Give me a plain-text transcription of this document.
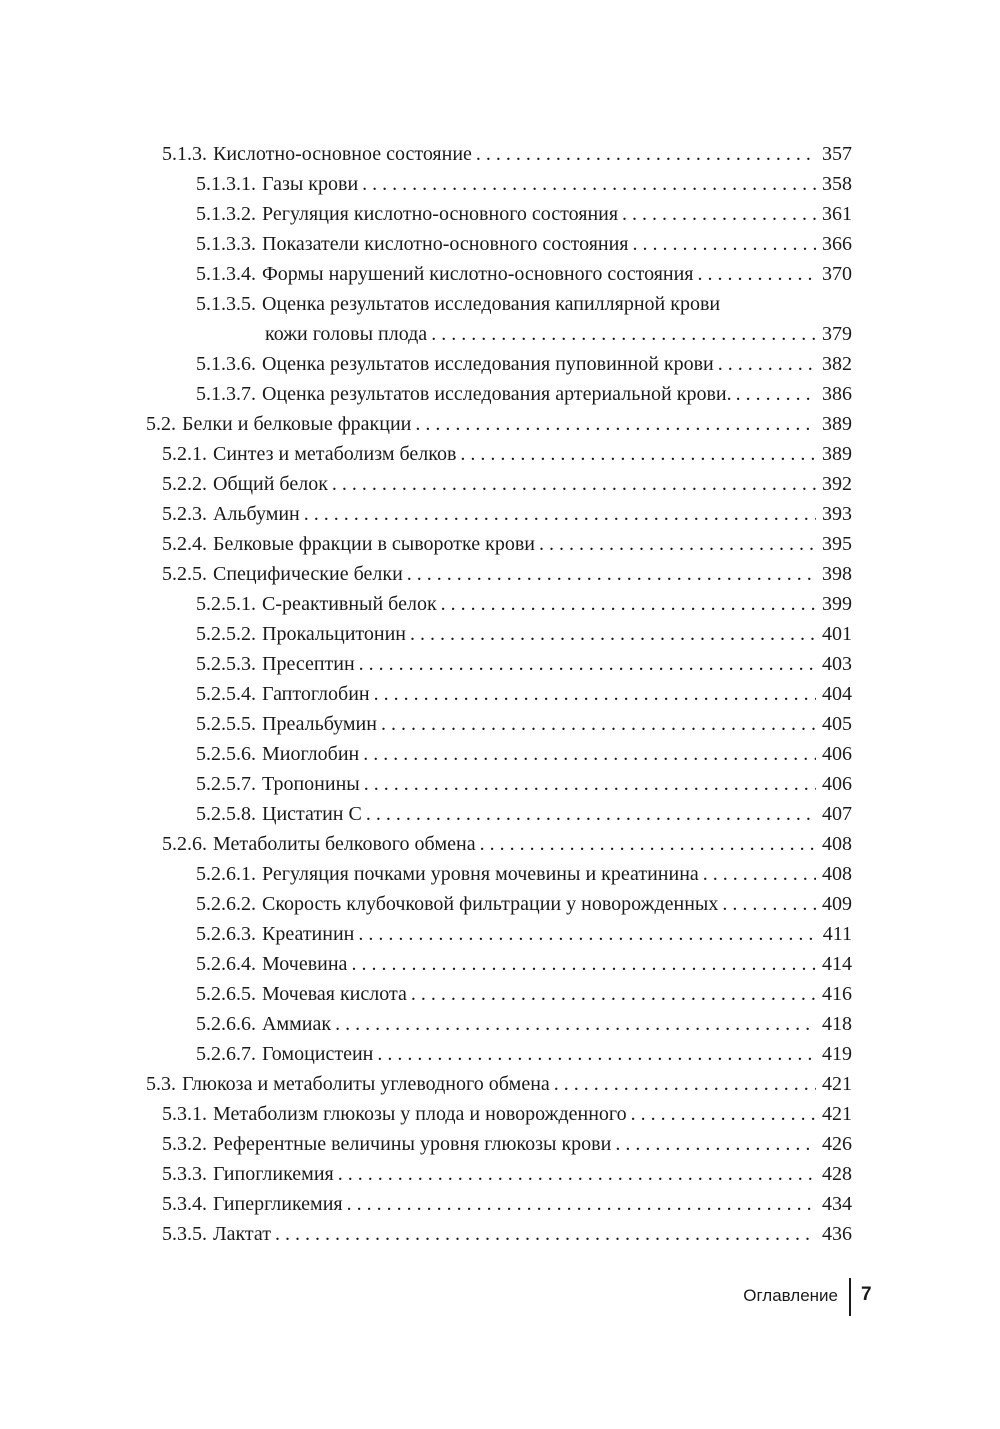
5.1.3. Кислотно-основное состояние . . .	357
5.1.3.1. Газы крови . . .	358
5.1.3.2. Регуляция кислотно-основного состояния . . .	361
5.1.3.3. Показатели кислотно-основного состояния . . .	366
5.1.3.4. Формы нарушений кислотно-основного состояния . . .	370
5.1.3.5. Оценка результатов исследования капиллярной крови
кожи головы плода . . .	379
5.1.3.6. Оценка результатов исследования пуповинной крови . . .	382
5.1.3.7. Оценка результатов исследования артериальной крови. . . .	386
5.2. Белки и белковые фракции . . .	389
5.2.1. Синтез и метаболизм белков . . .	389
5.2.2. Общий белок . . .	392
5.2.3. Альбумин . . .	393
5.2.4. Белковые фракции в сыворотке крови . . .	395
5.2.5. Специфические белки . . .	398
5.2.5.1. С-реактивный белок . . .	399
5.2.5.2. Прокальцитонин . . .	401
5.2.5.3. Пресептин . . .	403
5.2.5.4. Гаптоглобин . . .	404
5.2.5.5. Преальбумин . . .	405
5.2.5.6. Миоглобин . . .	406
5.2.5.7. Тропонины . . .	406
5.2.5.8. Цистатин С . . .	407
5.2.6. Метаболиты белкового обмена . . .	408
5.2.6.1. Регуляция почками уровня мочевины и креатинина . . .	408
5.2.6.2. Скорость клубочковой фильтрации у новорожденных . . .	409
5.2.6.3. Креатинин . . .	411
5.2.6.4. Мочевина . . .	414
5.2.6.5. Мочевая кислота . . .	416
5.2.6.6. Аммиак . . .	418
5.2.6.7. Гомоцистеин . . .	419
5.3. Глюкоза и метаболиты углеводного обмена . . .	421
5.3.1. Метаболизм глюкозы у плода и новорожденного . . .	421
5.3.2. Референтные величины уровня глюкозы крови . . .	426
5.3.3. Гипогликемия . . .	428
5.3.4. Гипергликемия . . .	434
5.3.5. Лактат . . .	436
Оглавление 7
